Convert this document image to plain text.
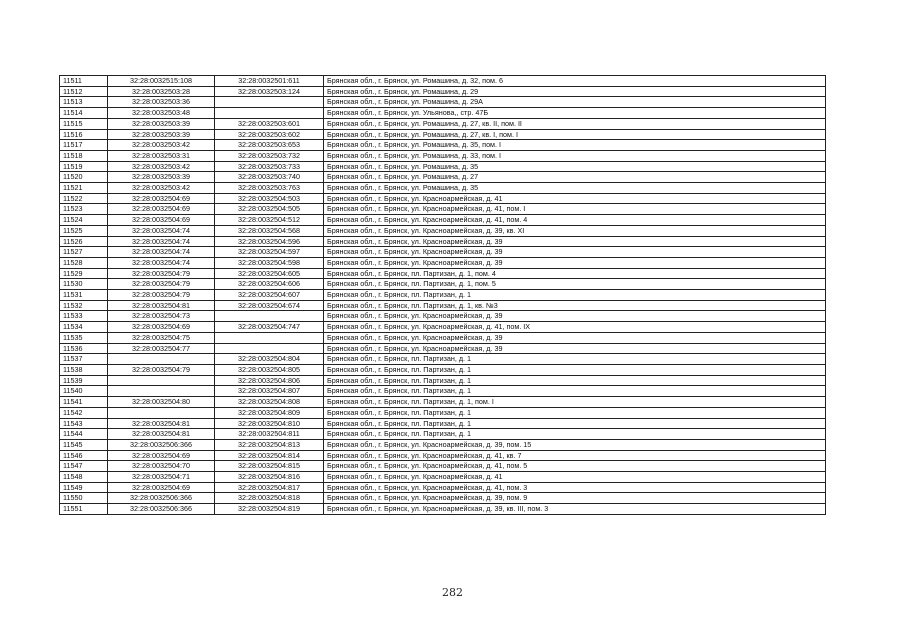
11511	32:28:0032515:108	32:28:0032501:611	Брянская обл., г. Брянск, ул. Ромашина, д. 32, пом. 6
11512	32:28:0032503:28	32:28:0032503:124	Брянская обл., г. Брянск, ул. Ромашина, д. 29
11513	32:28:0032503:36		Брянская обл., г. Брянск, ул. Ромашина, д. 29А
11514	32:28:0032503:48		Брянская обл., г. Брянск, ул. Ульянова,, стр. 47Б
11515	32:28:0032503:39	32:28:0032503:601	Брянская обл., г. Брянск, ул. Ромашина, д. 27, кв. II, пом. II
11516	32:28:0032503:39	32:28:0032503:602	Брянская обл., г. Брянск, ул. Ромашина, д. 27, кв. I, пом. I
11517	32:28:0032503:42	32:28:0032503:653	Брянская обл., г. Брянск, ул. Ромашина, д. 35, пом. I
11518	32:28:0032503:31	32:28:0032503:732	Брянская обл., г. Брянск, ул. Ромашина, д. 33, пом. I
11519	32:28:0032503:42	32:28:0032503:733	Брянская обл., г. Брянск, ул. Ромашина, д. 35
11520	32:28:0032503:39	32:28:0032503:740	Брянская обл., г. Брянск, ул. Ромашина, д. 27
11521	32:28:0032503:42	32:28:0032503:763	Брянская обл., г. Брянск, ул. Ромашина, д. 35
11522	32:28:0032504:69	32:28:0032504:503	Брянская обл., г. Брянск, ул. Красноармейская, д. 41
11523	32:28:0032504:69	32:28:0032504:505	Брянская обл., г. Брянск, ул. Красноармейская, д. 41, пом. I
11524	32:28:0032504:69	32:28:0032504:512	Брянская обл., г. Брянск, ул. Красноармейская, д. 41, пом. 4
11525	32:28:0032504:74	32:28:0032504:568	Брянская обл., г. Брянск, ул. Красноармейская, д. 39, кв. XI
11526	32:28:0032504:74	32:28:0032504:596	Брянская обл., г. Брянск, ул. Красноармейская, д. 39
11527	32:28:0032504:74	32:28:0032504:597	Брянская обл., г. Брянск, ул. Красноармейская, д. 39
11528	32:28:0032504:74	32:28:0032504:598	Брянская обл., г. Брянск, ул. Красноармейская, д. 39
11529	32:28:0032504:79	32:28:0032504:605	Брянская обл., г. Брянск, пл. Партизан, д. 1, пом. 4
11530	32:28:0032504:79	32:28:0032504:606	Брянская обл., г. Брянск, пл. Партизан, д. 1, пом. 5
11531	32:28:0032504:79	32:28:0032504:607	Брянская обл., г. Брянск, пл. Партизан, д. 1
11532	32:28:0032504:81	32:28:0032504:674	Брянская обл., г. Брянск, пл. Партизан, д. 1, кв. №3
11533	32:28:0032504:73		Брянская обл., г. Брянск, ул. Красноармейская, д. 39
11534	32:28:0032504:69	32:28:0032504:747	Брянская обл., г. Брянск, ул. Красноармейская, д. 41, пом. IX
11535	32:28:0032504:75		Брянская обл., г. Брянск, ул. Красноармейская, д. 39
11536	32:28:0032504:77		Брянская обл., г. Брянск, ул. Красноармейская, д. 39
11537		32:28:0032504:804	Брянская обл., г. Брянск, пл. Партизан, д. 1
11538	32:28:0032504:79	32:28:0032504:805	Брянская обл., г. Брянск, пл. Партизан, д. 1
11539		32:28:0032504:806	Брянская обл., г. Брянск, пл. Партизан, д. 1
11540		32:28:0032504:807	Брянская обл., г. Брянск, пл. Партизан, д. 1
11541	32:28:0032504:80	32:28:0032504:808	Брянская обл., г. Брянск, пл. Партизан, д. 1, пом. I
11542		32:28:0032504:809	Брянская обл., г. Брянск, пл. Партизан, д. 1
11543	32:28:0032504:81	32:28:0032504:810	Брянская обл., г. Брянск, пл. Партизан, д. 1
11544	32:28:0032504:81	32:28:0032504:811	Брянская обл., г. Брянск, пл. Партизан, д. 1
11545	32:28:0032506:366	32:28:0032504:813	Брянская обл., г. Брянск, ул. Красноармейская, д. 39, пом. 15
11546	32:28:0032504:69	32:28:0032504:814	Брянская обл., г. Брянск, ул. Красноармейская, д. 41, кв. 7
11547	32:28:0032504:70	32:28:0032504:815	Брянская обл., г. Брянск, ул. Красноармейская, д. 41, пом. 5
11548	32:28:0032504:71	32:28:0032504:816	Брянская обл., г. Брянск, ул. Красноармейская, д. 41
11549	32:28:0032504:69	32:28:0032504:817	Брянская обл., г. Брянск, ул. Красноармейская, д. 41, пом. 3
11550	32:28:0032506:366	32:28:0032504:818	Брянская обл., г. Брянск, ул. Красноармейская, д. 39, пом. 9
11551	32:28:0032506:366	32:28:0032504:819	Брянская обл., г. Брянск, ул. Красноармейская, д. 39, кв. III, пом. 3
282
